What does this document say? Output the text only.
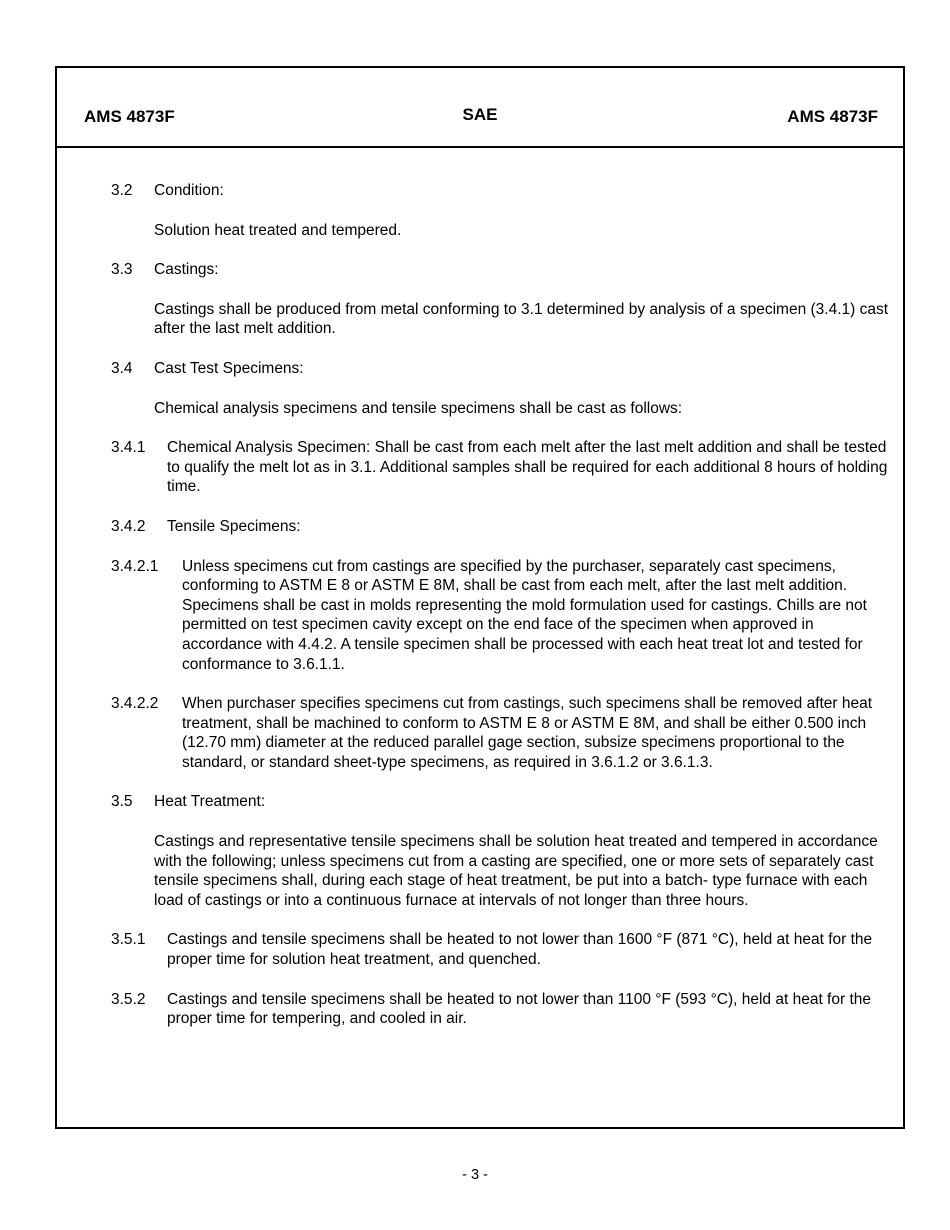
AMS 4873F	SAE	AMS 4873F
3.2	Condition:
Solution heat treated and tempered.
3.3	Castings:
Castings shall be produced from metal conforming to 3.1 determined by analysis of a specimen (3.4.1) cast after the last melt addition.
3.4	Cast Test Specimens:
Chemical analysis specimens and tensile specimens shall be cast as follows:
3.4.1	Chemical Analysis Specimen: Shall be cast from each melt after the last melt addition and shall be tested to qualify the melt lot as in 3.1. Additional samples shall be required for each additional 8 hours of holding time.
3.4.2	Tensile Specimens:
3.4.2.1	Unless specimens cut from castings are specified by the purchaser, separately cast specimens, conforming to ASTM E 8 or ASTM E 8M, shall be cast from each melt, after the last melt addition. Specimens shall be cast in molds representing the mold formulation used for castings. Chills are not permitted on test specimen cavity except on the end face of the specimen when approved in accordance with 4.4.2. A tensile specimen shall be processed with each heat treat lot and tested for conformance to 3.6.1.1.
3.4.2.2	When purchaser specifies specimens cut from castings, such specimens shall be removed after heat treatment, shall be machined to conform to ASTM E 8 or ASTM E 8M, and shall be either 0.500 inch (12.70 mm) diameter at the reduced parallel gage section, subsize specimens proportional to the standard, or standard sheet-type specimens, as required in 3.6.1.2 or 3.6.1.3.
3.5	Heat Treatment:
Castings and representative tensile specimens shall be solution heat treated and tempered in accordance with the following; unless specimens cut from a casting are specified, one or more sets of separately cast tensile specimens shall, during each stage of heat treatment, be put into a batch- type furnace with each load of castings or into a continuous furnace at intervals of not longer than three hours.
3.5.1	Castings and tensile specimens shall be heated to not lower than 1600 °F (871 °C), held at heat for the proper time for solution heat treatment, and quenched.
3.5.2	Castings and tensile specimens shall be heated to not lower than 1100 °F (593 °C), held at heat for the proper time for tempering, and cooled in air.
- 3 -
